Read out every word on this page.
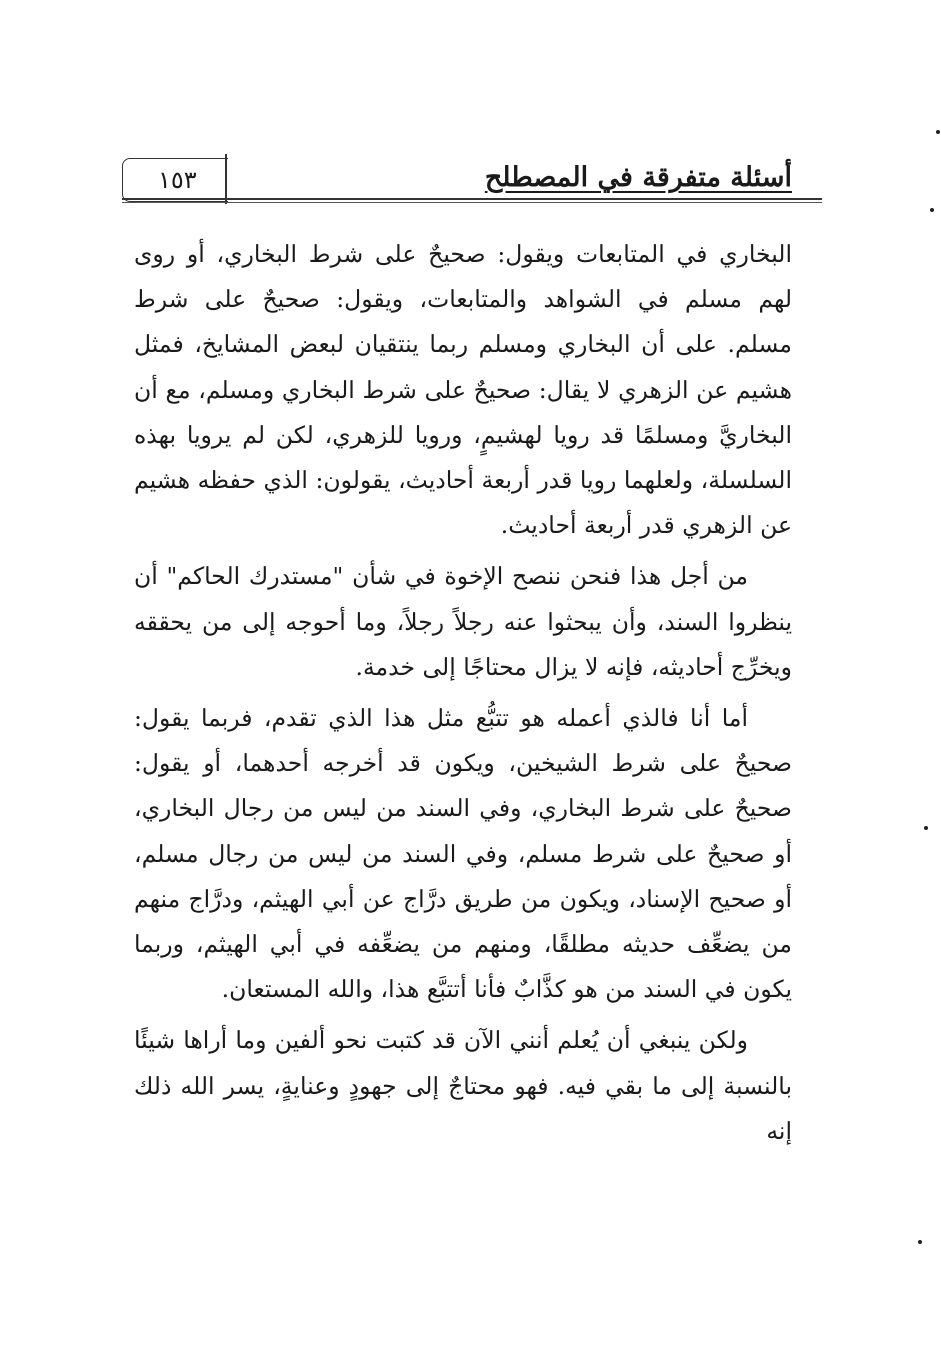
١٥٣	أسئلة متفرقة في المصطلح

البخاري في المتابعات ويقول: صحيحٌ على شرط البخاري، أو روى لهم مسلم في الشواهد والمتابعات، ويقول: صحيحٌ على شرط مسلم. على أن البخاري ومسلم ربما ينتقيان لبعض المشايخ، فمثل هشيم عن الزهري لا يقال: صحيحٌ على شرط البخاري ومسلم، مع أن البخاريَّ ومسلمًا قد رويا لهشيمٍ، ورويا للزهري، لكن لم يرويا بهذه السلسلة، ولعلهما رويا قدر أربعة أحاديث، يقولون: الذي حفظه هشيم عن الزهري قدر أربعة أحاديث.

من أجل هذا فنحن ننصح الإخوة في شأن "مستدرك الحاكم" أن ينظروا السند، وأن يبحثوا عنه رجلاً رجلاً، وما أحوجه إلى من يحققه ويخرِّج أحاديثه، فإنه لا يزال محتاجًا إلى خدمة.

أما أنا فالذي أعمله هو تتبُّع مثل هذا الذي تقدم، فربما يقول: صحيحٌ على شرط الشيخين، ويكون قد أخرجه أحدهما، أو يقول: صحيحٌ على شرط البخاري، وفي السند من ليس من رجال البخاري، أو صحيحٌ على شرط مسلم، وفي السند من ليس من رجال مسلم، أو صحيح الإسناد، ويكون من طريق درَّاج عن أبي الهيثم، ودرَّاج منهم من يضعِّف حديثه مطلقًا، ومنهم من يضعِّفه في أبي الهيثم، وربما يكون في السند من هو كذَّابٌ فأنا أتتبَّع هذا، والله المستعان.

ولكن ينبغي أن يُعلم أنني الآن قد كتبت نحو ألفين وما أراها شيئًا بالنسبة إلى ما بقي فيه. فهو محتاجٌ إلى جهودٍ وعنايةٍ، يسر الله ذلك إنه
